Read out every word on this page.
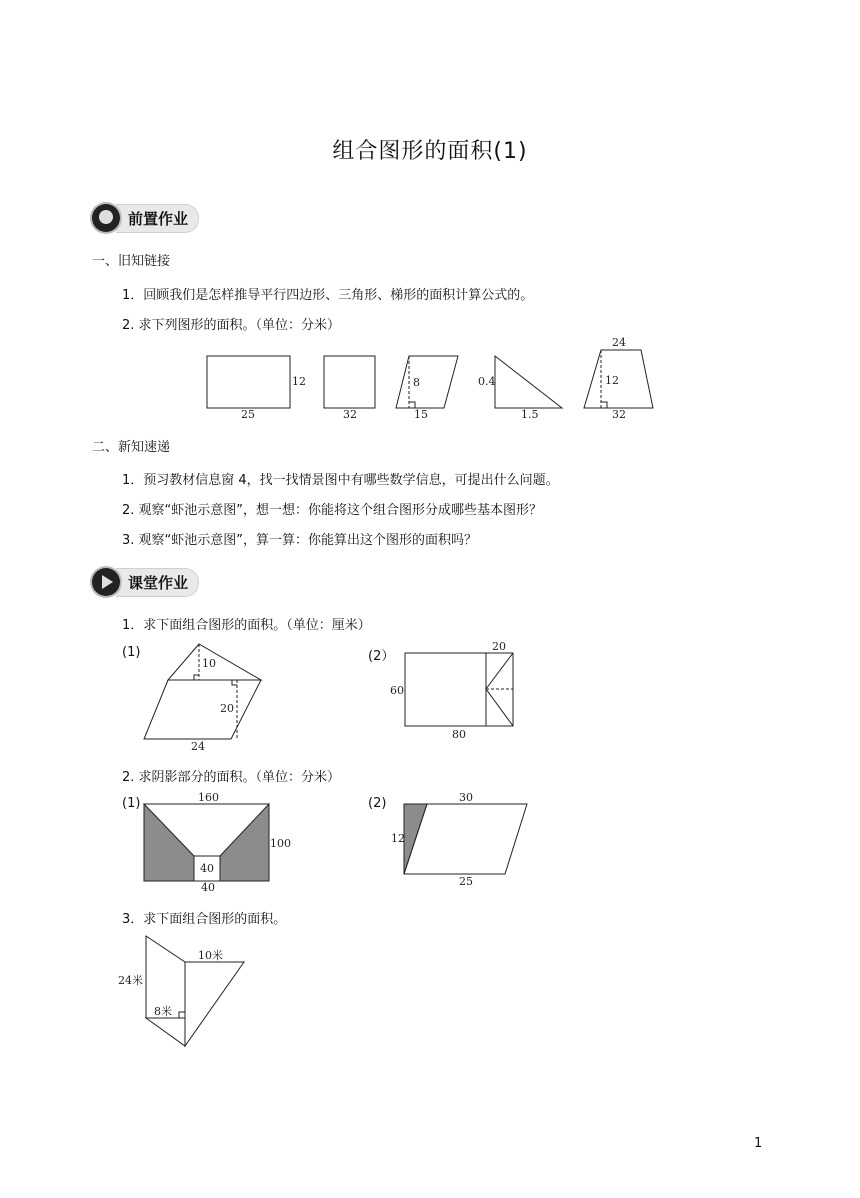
组合图形的面积(1)
前置作业
一、旧知链接
1．回顾我们是怎样推导平行四边形、三角形、梯形的面积计算公式的。
2. 求下列图形的面积。（单位：分米）
12
25	32
8
15
0.4
1.5
24
12
32
二、新知速递
1．预习教材信息窗 4，找一找情景图中有哪些数学信息，可提出什么问题。
2. 观察“虾池示意图”，想一想：你能将这个组合图形分成哪些基本图形？
3. 观察“虾池示意图”，算一算：你能算出这个图形的面积吗？
课堂作业
1．求下面组合图形的面积。（单位：厘米）
(1)
10
20
24
(2）
20
60
80
2. 求阴影部分的面积。（单位：分米）
(1)	160
100
40
40
(2)	30
12
25
3．求下面组合图形的面积。
10米
24米
8米
1
